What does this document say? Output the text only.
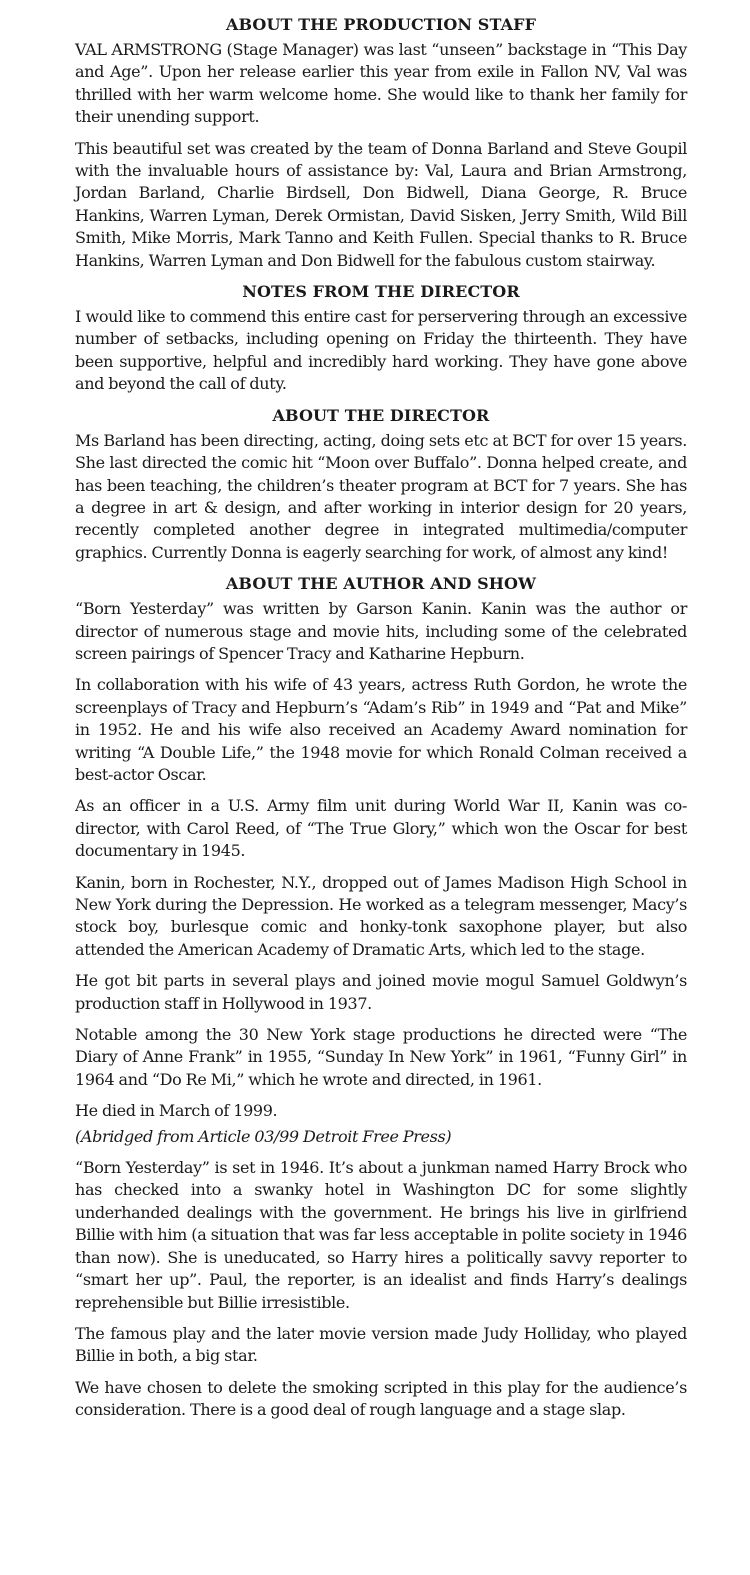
ABOUT THE PRODUCTION STAFF

VAL ARMSTRONG (Stage Manager) was last “unseen” backstage in “This Day and Age”. Upon her release earlier this year from exile in Fallon NV, Val was thrilled with her warm welcome home. She would like to thank her family for their unending support.

This beautiful set was created by the team of Donna Barland and Steve Goupil with the invaluable hours of assistance by: Val, Laura and Brian Armstrong, Jordan Barland, Charlie Birdsell, Don Bidwell, Diana George, R. Bruce Hankins, Warren Lyman, Derek Ormistan, David Sisken, Jerry Smith, Wild Bill Smith, Mike Morris, Mark Tanno and Keith Fullen. Special thanks to R. Bruce Hankins, Warren Lyman and Don Bidwell for the fabulous custom stairway.

NOTES FROM THE DIRECTOR

I would like to commend this entire cast for perservering through an excessive number of setbacks, including opening on Friday the thirteenth. They have been supportive, helpful and incredibly hard working. They have gone above and beyond the call of duty.

ABOUT THE DIRECTOR

Ms Barland has been directing, acting, doing sets etc at BCT for over 15 years. She last directed the comic hit “Moon over Buffalo”. Donna helped create, and has been teaching, the children’s theater program at BCT for 7 years. She has a degree in art & design, and after working in interior design for 20 years, recently completed another degree in integrated multimedia/computer graphics. Currently Donna is eagerly searching for work, of almost any kind!

ABOUT THE AUTHOR AND SHOW

“Born Yesterday” was written by Garson Kanin. Kanin was the author or director of numerous stage and movie hits, including some of the celebrated screen pairings of Spencer Tracy and Katharine Hepburn.

In collaboration with his wife of 43 years, actress Ruth Gordon, he wrote the screenplays of Tracy and Hepburn’s “Adam’s Rib” in 1949 and “Pat and Mike” in 1952. He and his wife also received an Academy Award nomination for writing “A Double Life,” the 1948 movie for which Ronald Colman received a best-actor Oscar.

As an officer in a U.S. Army film unit during World War II, Kanin was co-director, with Carol Reed, of “The True Glory,” which won the Oscar for best documentary in 1945.

Kanin, born in Rochester, N.Y., dropped out of James Madison High School in New York during the Depression. He worked as a telegram messenger, Macy’s stock boy, burlesque comic and honky-tonk saxophone player, but also attended the American Academy of Dramatic Arts, which led to the stage.

He got bit parts in several plays and joined movie mogul Samuel Goldwyn’s production staff in Hollywood in 1937.

Notable among the 30 New York stage productions he directed were “The Diary of Anne Frank” in 1955, “Sunday In New York” in 1961, “Funny Girl” in 1964 and “Do Re Mi,” which he wrote and directed, in 1961.

He died in March of 1999.

(Abridged from Article 03/99 Detroit Free Press)

“Born Yesterday” is set in 1946. It’s about a junkman named Harry Brock who has checked into a swanky hotel in Washington DC for some slightly underhanded dealings with the government. He brings his live in girlfriend Billie with him (a situation that was far less acceptable in polite society in 1946 than now). She is uneducated, so Harry hires a politically savvy reporter to “smart her up”. Paul, the reporter, is an idealist and finds Harry’s dealings reprehensible but Billie irresistible.

The famous play and the later movie version made Judy Holliday, who played Billie in both, a big star.

We have chosen to delete the smoking scripted in this play for the audience’s consideration. There is a good deal of rough language and a stage slap.
